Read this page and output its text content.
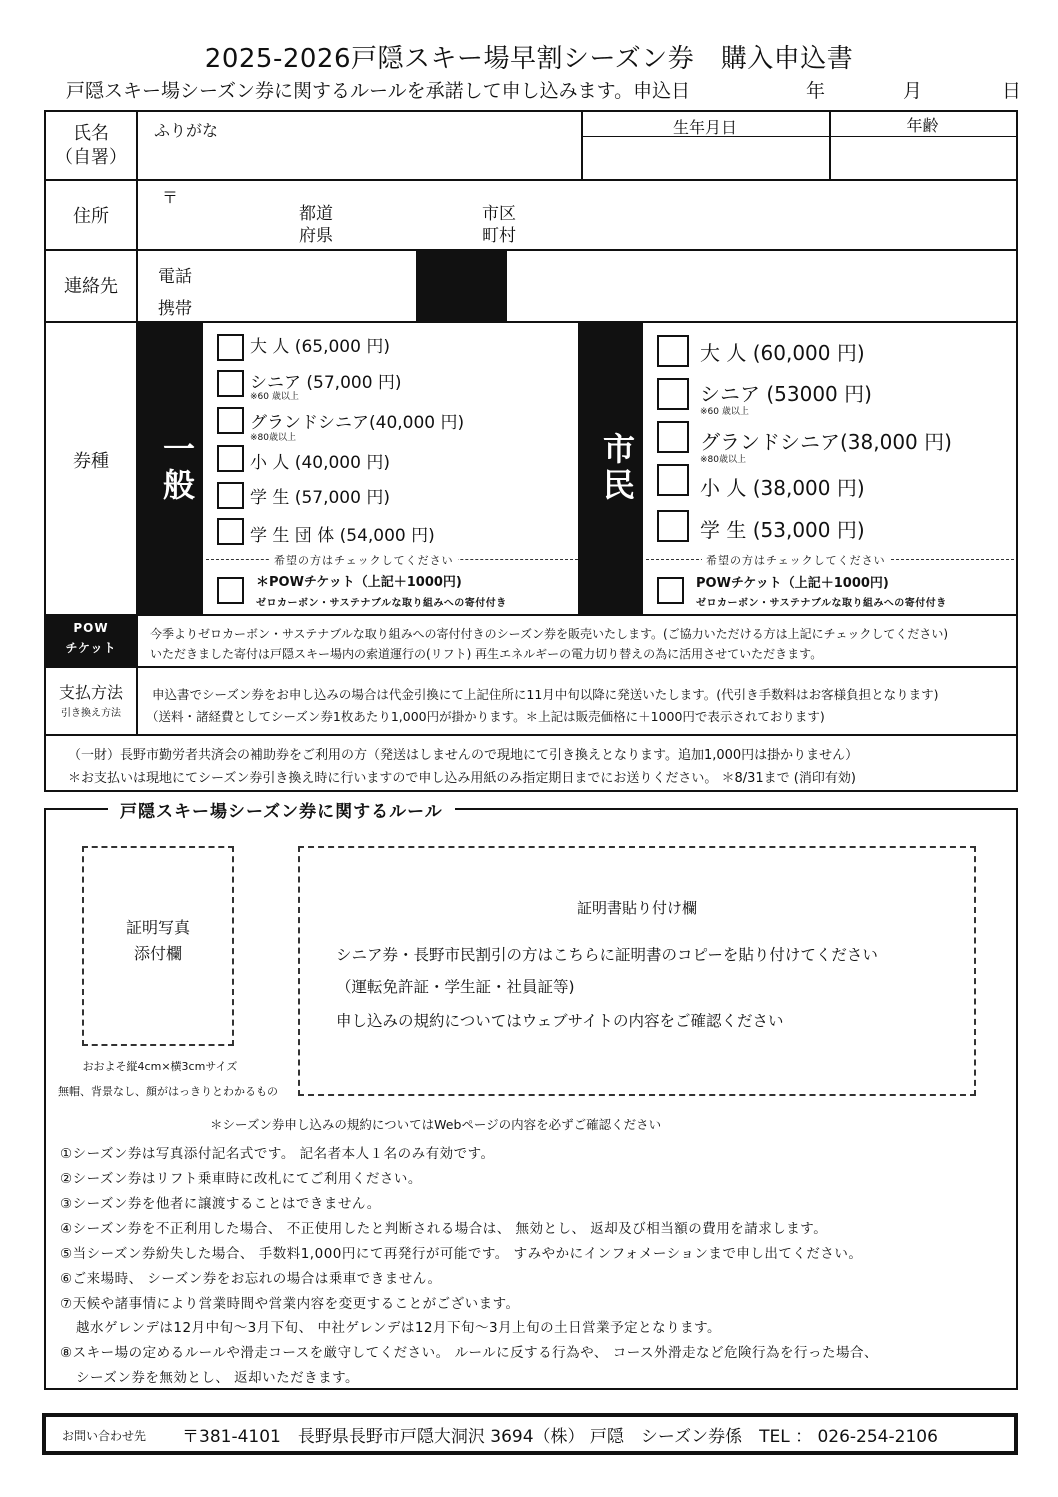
2025-2026戸隠スキー場早割シーズン券　購入申込書
戸隠スキー場シーズン券に関するルールを承諾して申し込みます。申込日	年	月	日
氏名
（自署）
ふりがな	生年月日	年齢
住所
〒
都道
府県
市区
町村
連絡先	電話
携帯
券種	一般
大 人 (65,000 円)
シニア (57,000 円)
※60 歳以上
グランドシニア(40,000 円)
※80歳以上
小 人 (40,000 円)
学 生 (57,000 円)
学 生 団 体 (54,000 円)
希望の方はチェックしてください
＊POWチケット（上記＋1000円)
ゼロカーボン・サステナブルな取り組みへの寄付付き
市民
大 人 (60,000 円)
シニア (53000 円)
※60 歳以上
グランドシニア(38,000 円)
※80歳以上
小 人 (38,000 円)
学 生 (53,000 円)
希望の方はチェックしてください
POWチケット（上記＋1000円)
ゼロカーボン・サステナブルな取り組みへの寄付付き
POW
チケット
今季よりゼロカーボン・サステナブルな取り組みへの寄付付きのシーズン券を販売いたします。(ご協力いただける方は上記にチェックしてください)
いただきました寄付は戸隠スキー場内の索道運行の(リフト) 再生エネルギーの電力切り替えの為に活用させていただきます。
支払方法
引き換え方法
申込書でシーズン券をお申し込みの場合は代金引換にて上記住所に11月中旬以降に発送いたします。(代引き手数料はお客様負担となります)
（送料・諸経費としてシーズン券1枚あたり1,000円が掛かります。＊上記は販売価格に＋1000円で表示されております)
（一財）長野市勤労者共済会の補助券をご利用の方（発送はしませんので現地にて引き換えとなります。追加1,000円は掛かりません）
＊お支払いは現地にてシーズン券引き換え時に行いますので申し込み用紙のみ指定期日までにお送りください。 ＊8/31まで (消印有効)
戸隠スキー場シーズン券に関するルール
証明写真
添付欄
おおよそ縦4cm×横3cmサイズ
無帽、背景なし、顔がはっきりとわかるもの
証明書貼り付け欄
シニア券・長野市民割引の方はこちらに証明書のコピーを貼り付けてください
（運転免許証・学生証・社員証等)
申し込みの規約についてはウェブサイトの内容をご確認ください
＊シーズン券申し込みの規約についてはWebページの内容を必ずご確認ください
①シーズン券は写真添付記名式です。 記名者本人１名のみ有効です。
②シーズン券はリフト乗車時に改札にてご利用ください。
③シーズン券を他者に譲渡することはできません。
④シーズン券を不正利用した場合、 不正使用したと判断される場合は、 無効とし、 返却及び相当額の費用を請求します。
⑤当シーズン券紛失した場合、 手数料1,000円にて再発行が可能です。 すみやかにインフォメーションまで申し出てください。
⑥ご来場時、 シーズン券をお忘れの場合は乗車できません。
⑦天候や諸事情により営業時間や営業内容を変更することがございます。
　越水ゲレンデは12月中旬～3月下旬、 中社ゲレンデは12月下旬～3月上旬の土日営業予定となります。
⑧スキー場の定めるルールや滑走コースを厳守してください。 ルールに反する行為や、 コース外滑走など危険行為を行った場合、
　シーズン券を無効とし、 返却いただきます。
お問い合わせ先 〒381-4101　長野県長野市戸隠大洞沢 3694（株） 戸隠　シーズン券係　TEL ： 026-254-2106
